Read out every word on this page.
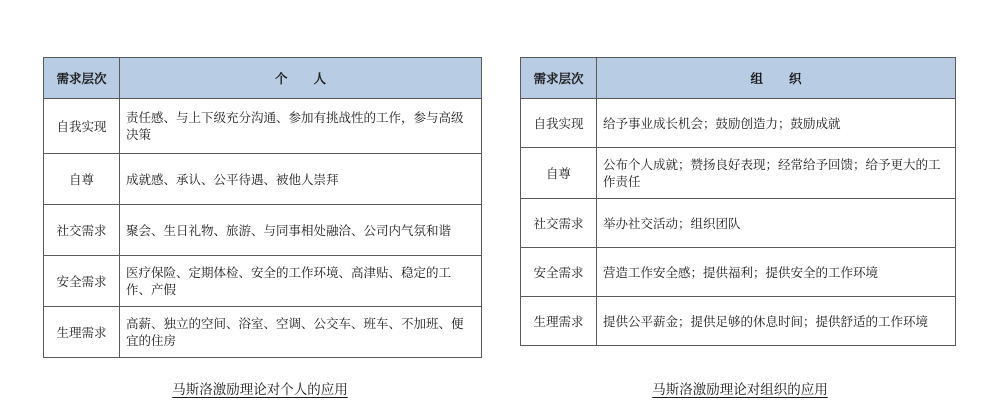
需求层次	个人
自我实现	责任感、与上下级充分沟通、参加有挑战性的工作，参与高级决策
自尊	成就感、承认、公平待遇、被他人崇拜
社交需求	聚会、生日礼物、旅游、与同事相处融洽、公司内气氛和谐
安全需求	医疗保险、定期体检、安全的工作环境、高津贴、稳定的工作、产假
生理需求	高薪、独立的空间、浴室、空调、公交车、班车、不加班、便宜的住房
需求层次	组织
自我实现	给予事业成长机会；鼓励创造力；鼓励成就
自尊	公布个人成就；赞扬良好表现；经常给予回馈；给予更大的工作责任
社交需求	举办社交活动；组织团队
安全需求	营造工作安全感；提供福利；提供安全的工作环境
生理需求	提供公平薪金；提供足够的休息时间；提供舒适的工作环境
马斯洛激励理论对个人的应用	马斯洛激励理论对组织的应用
